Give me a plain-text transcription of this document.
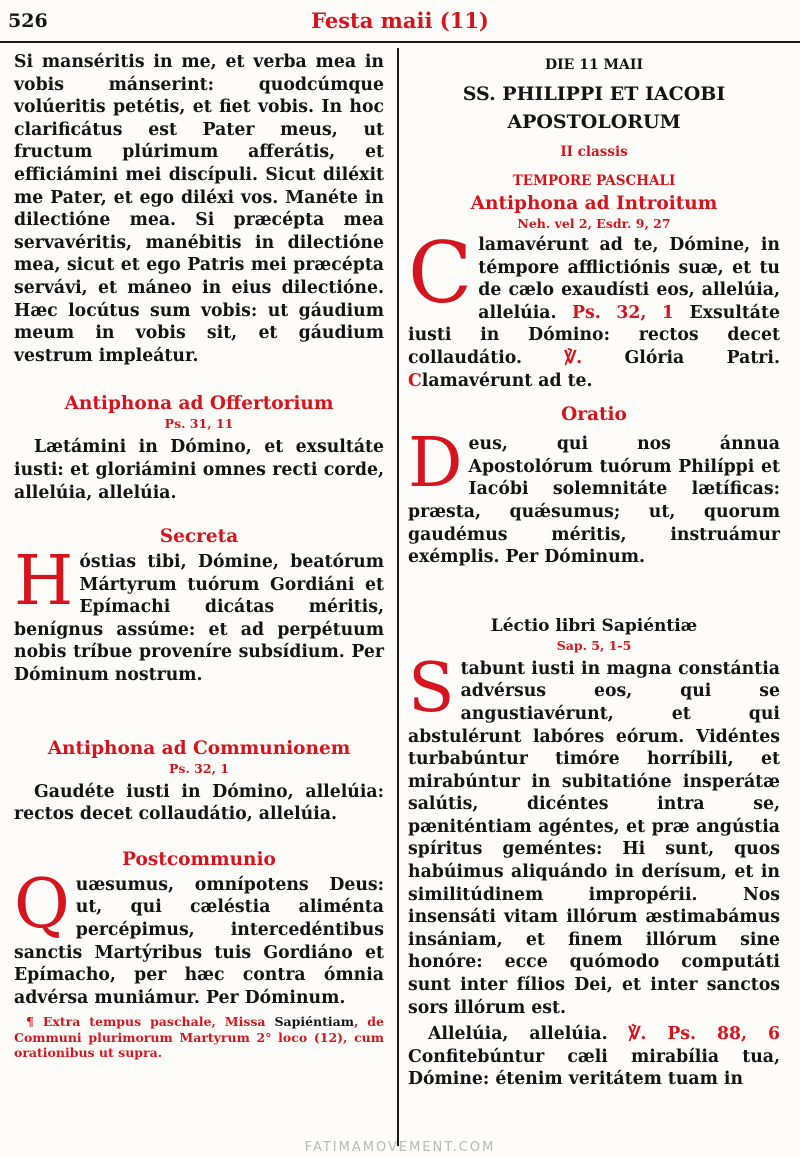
526	Festa maii (11)

Si manséritis in me, et verba mea in vobis mánserint: quodcúmque volúeritis petétis, et fiet vobis. In hoc clarificátus est Pater meus, ut fructum plúrimum afferátis, et efficiámini mei discípuli. Sicut diléxit me Pater, et ego diléxi vos. Manéte in dilectióne mea. Si præcépta mea servavéritis, manébitis in dilectióne mea, sicut et ego Patris mei præcépta servávi, et máneo in eius dilectióne. Hæc locútus sum vobis: ut gáudium meum in vobis sit, et gáudium vestrum impleátur.

Antiphona ad Offertorium

Ps. 31, 11

Lætámini in Dómino, et exsultáte iusti: et gloriámini omnes recti corde, allelúia, allelúia.

Secreta

Hóstias tibi, Dómine, beatórum Mártyrum tuórum Gordiáni et Epímachi dicátas méritis, benígnus assúme: et ad perpétuum nobis tríbue proveníre subsídium. Per Dóminum nostrum.

Antiphona ad Communionem

Ps. 32, 1

Gaudéte iusti in Dómino, allelúia: rectos decet collaudátio, allelúia.

Postcommunio

Quæsumus, omnípotens Deus: ut, qui cæléstia aliménta percépimus, intercedéntibus sanctis Martýribus tuis Gordiáno et Epímacho, per hæc contra ómnia advérsa muniámur. Per Dóminum.

¶ Extra tempus paschale, Missa Sapiéntiam, de Communi plurimorum Martyrum 2° loco (12), cum orationibus ut supra.

DIE 11 MAII

SS. PHILIPPI ET IACOBI
APOSTOLORUM

II classis

TEMPORE PASCHALI

Antiphona ad Introitum

Neh. vel 2, Esdr. 9, 27

Clamavérunt ad te, Dómine, in témpore afflictiónis suæ, et tu de cælo exaudísti eos, allelúia, allelúia. Ps. 32, 1 Exsultáte iusti in Dómino: rectos decet collaudátio. ℣. Glória Patri. Clamavérunt ad te.

Oratio

Deus, qui nos ánnua Apostolórum tuórum Philíppi et Iacóbi solemnitáte lætíficas: præsta, quǽsumus; ut, quorum gaudémus méritis, instruámur exémplis. Per Dóminum.

Léctio libri Sapiéntiæ

Sap. 5, 1-5

Stabunt iusti in magna constántia advérsus eos, qui se angustiavérunt, et qui abstulérunt labóres eórum. Vidéntes turbabúntur timóre horríbili, et mirabúntur in subitatióne insperátæ salútis, dicéntes intra se, pæniténtiam agéntes, et præ angústia spíritus geméntes: Hi sunt, quos habúimus aliquándo in derísum, et in similitúdinem impropérii. Nos insensáti vitam illórum æstimabámus insániam, et finem illórum sine honóre: ecce quómodo computáti sunt inter fílios Dei, et inter sanctos sors illórum est.

Allelúia, allelúia. ℣. Ps. 88, 6 Confitebúntur cæli mirabília tua, Dómine: étenim veritátem tuam in

FATIMAMOVEMENT.COM
